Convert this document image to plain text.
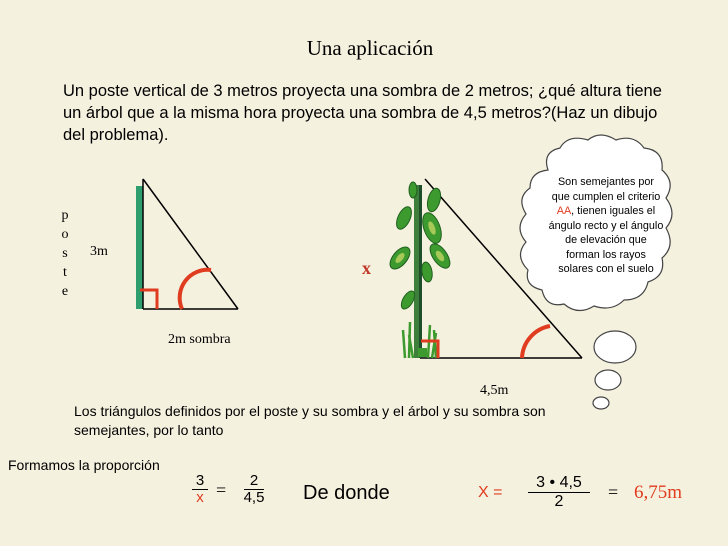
Una aplicación
Un poste vertical de 3 metros proyecta una sombra de 2 metros; ¿qué altura tiene un árbol que a la misma hora proyecta una sombra de 4,5 metros?(Haz un dibujo del problema).
p
o
s
t
e
3m
2m sombra
x
4,5m
Son semejantes por que cumplen el criterio AA, tienen iguales el ángulo recto y el ángulo de elevación que forman los rayos solares con el suelo
Los triángulos definidos por el poste y su sombra y el árbol y su sombra son semejantes, por lo tanto
Formamos la proporción
$\frac{3}{x} = \frac{2}{4,5}$ De donde	$X = \frac{3 • 4,5}{2} = 6,75m$
